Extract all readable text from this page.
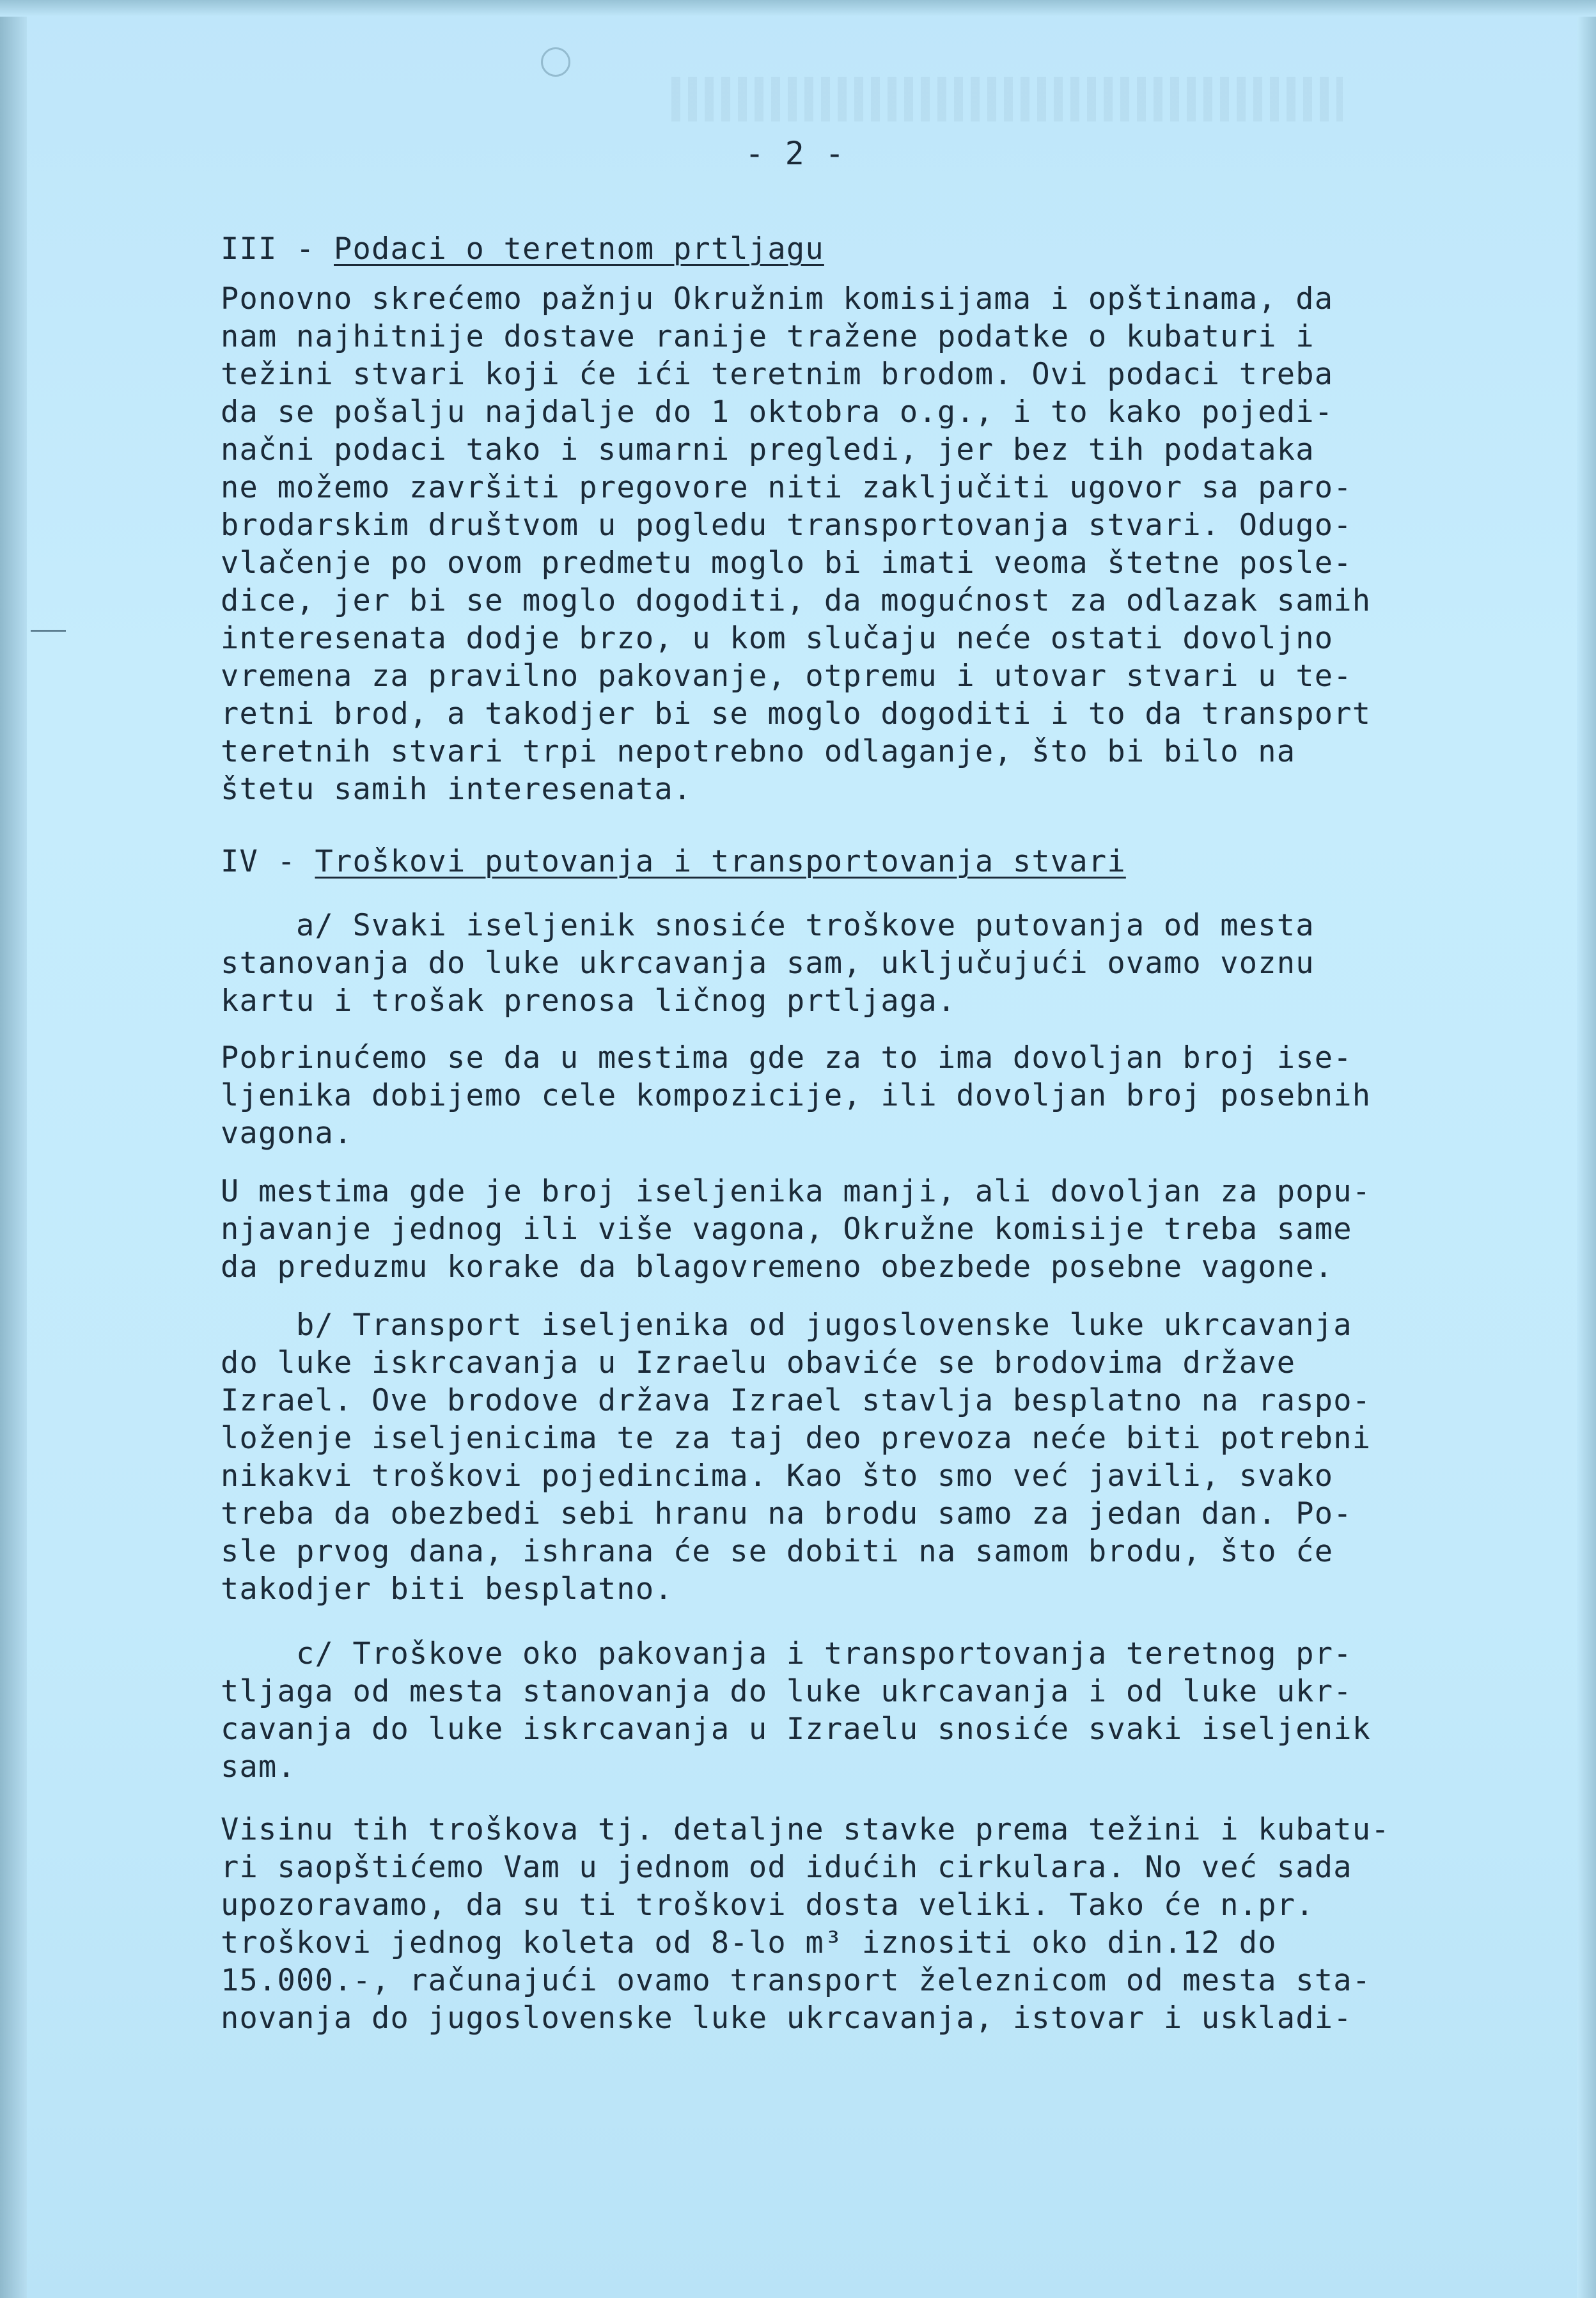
- 2 -
III - Podaci o teretnom prtljagu
Ponovno skrećemo pažnju Okružnim komisijama i opštinama, da
nam najhitnije dostave ranije tražene podatke o kubaturi i
težini stvari koji će ići teretnim brodom. Ovi podaci treba
da se pošalju najdalje do 1 oktobra o.g., i to kako pojedi-
načni podaci tako i sumarni pregledi, jer bez tih podataka
ne možemo završiti pregovore niti zaključiti ugovor sa paro-
brodarskim društvom u pogledu transportovanja stvari. Odugo-
vlačenje po ovom predmetu moglo bi imati veoma štetne posle-
dice, jer bi se moglo dogoditi, da mogućnost za odlazak samih
interesenata dodje brzo, u kom slučaju neće ostati dovoljno
vremena za pravilno pakovanje, otpremu i utovar stvari u te-
retni brod, a takodjer bi se moglo dogoditi i to da transport
teretnih stvari trpi nepotrebno odlaganje, što bi bilo na
štetu samih interesenata.
IV - Troškovi putovanja i transportovanja stvari
a/ Svaki iseljenik snosiće troškove putovanja od mesta
stanovanja do luke ukrcavanja sam, uključujući ovamo voznu
kartu i trošak prenosa ličnog prtljaga.
Pobrinućemo se da u mestima gde za to ima dovoljan broj ise-
ljenika dobijemo cele kompozicije, ili dovoljan broj posebnih
vagona.
U mestima gde je broj iseljenika manji, ali dovoljan za popu-
njavanje jednog ili više vagona, Okružne komisije treba same
da preduzmu korake da blagovremeno obezbede posebne vagone.
b/ Transport iseljenika od jugoslovenske luke ukrcavanja
do luke iskrcavanja u Izraelu obaviće se brodovima države
Izrael. Ove brodove država Izrael stavlja besplatno na raspo-
loženje iseljenicima te za taj deo prevoza neće biti potrebni
nikakvi troškovi pojedincima. Kao što smo već javili, svako
treba da obezbedi sebi hranu na brodu samo za jedan dan. Po-
sle prvog dana, ishrana će se dobiti na samom brodu, što će
takodjer biti besplatno.
c/ Troškove oko pakovanja i transportovanja teretnog pr-
tljaga od mesta stanovanja do luke ukrcavanja i od luke ukr-
cavanja do luke iskrcavanja u Izraelu snosiće svaki iseljenik
sam.
Visinu tih troškova tj. detaljne stavke prema težini i kubatu-
ri saopštićemo Vam u jednom od idućih cirkulara. No već sada
upozoravamo, da su ti troškovi dosta veliki. Tako će n.pr.
troškovi jednog koleta od 8-lo m³ iznositi oko din.12 do
15.000.-, računajući ovamo transport železnicom od mesta sta-
novanja do jugoslovenske luke ukrcavanja, istovar i uskladi-
